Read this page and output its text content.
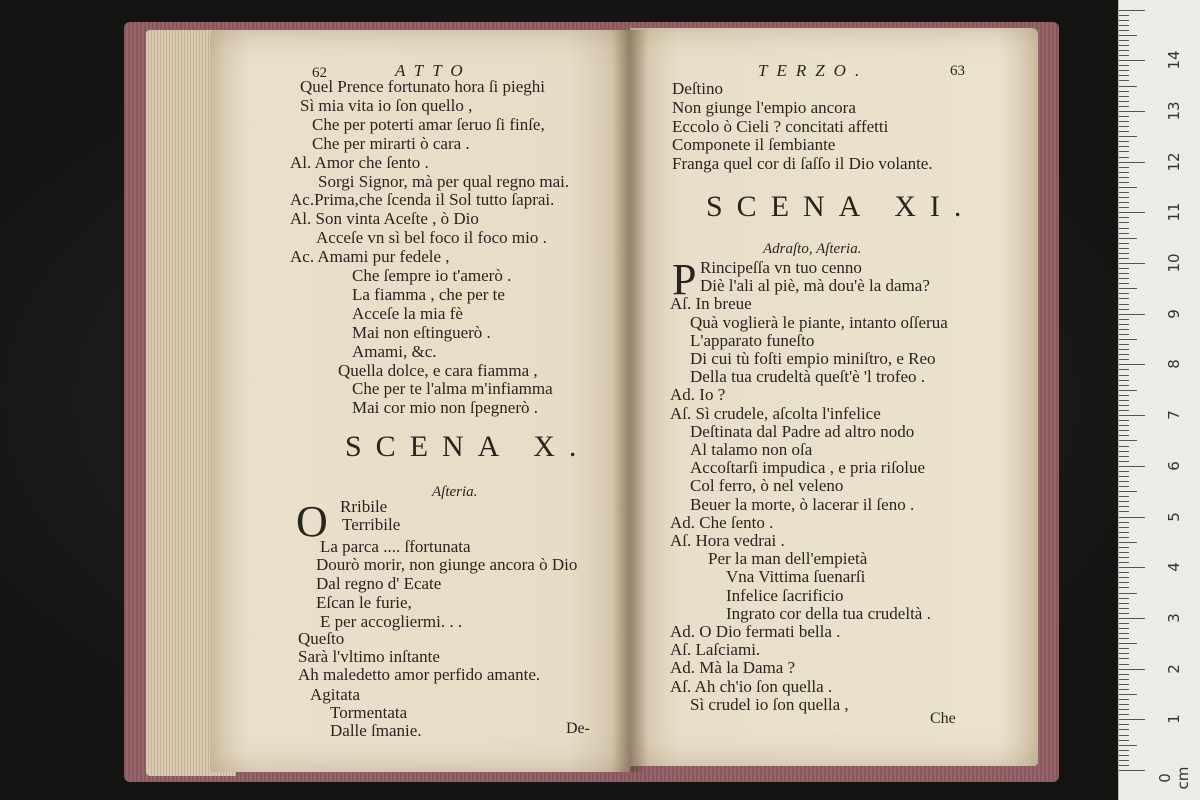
62	ATTO
Quel Prence fortunato hora ſi pieghi
Sì mia vita io ſon quello ,
Che per poterti amar ſeruo ſi finſe,
Che per mirarti ò cara .
Al. Amor che ſento .
Sorgi Signor, mà per qual regno mai.
Ac.Prima,che ſcenda il Sol tutto ſaprai.
Al. Son vinta Aceſte , ò Dio
Acceſe vn sì bel foco il foco mio .
Ac. Amami pur fedele ,
Che ſempre io t'amerò .
La fiamma , che per te
Acceſe la mia fè
Mai non eſtinguerò .
Amami, &c.
Quella dolce, e cara fiamma ,
Che per te l'alma m'infiamma
Mai cor mio non ſpegnerò .
Rribile
Terribile
La parca .... ſfortunata
Dourò morir, non giunge ancora ò Dio
Dal regno d' Ecate
Eſcan le furie,
E per accogliermi. . .
Queſto
Sarà l'vltimo inſtante
Ah maledetto amor perfido amante.
Agitata
Tormentata
Dalle ſmanie.
TERZO.	63
Deſtino
Non giunge l'empio ancora
Eccolo ò Cieli ? concitati affetti
Componete il ſembiante
Franga quel cor di ſaſſo il Dio volante.
Rincipeſſa vn tuo cenno
Diè l'ali al piè, mà dou'è la dama?
Aſ. In breue
Quà voglierà le piante, intanto oſſerua
L'apparato funeſto
Di cui tù foſti empio miniſtro, e Reo
Della tua crudeltà queſt'è 'l trofeo .
Ad. Io ?
Aſ. Sì crudele, aſcolta l'infelice
Deſtinata dal Padre ad altro nodo
Al talamo non oſa
Accoſtarſi impudica , e pria riſolue
Col ferro, ò nel veleno
Beuer la morte, ò lacerar il ſeno .
Ad. Che ſento .
Aſ. Hora vedrai .
Per la man dell'empietà
Vna Vittima ſuenarſi
Infelice ſacrificio
Ingrato cor della tua crudeltà .
Ad. O Dio fermati bella .
Aſ. Laſciami.
Ad. Mà la Dama ?
Aſ. Ah ch'io ſon quella .
Sì crudel io ſon quella ,
SCENA X.
Aſteria.
O
De-
SCENA XI.
Adraſto, Aſteria.
P
Che
0 cm
1
2
3
4
5
6
7
8
9
10
11
12
13
14
